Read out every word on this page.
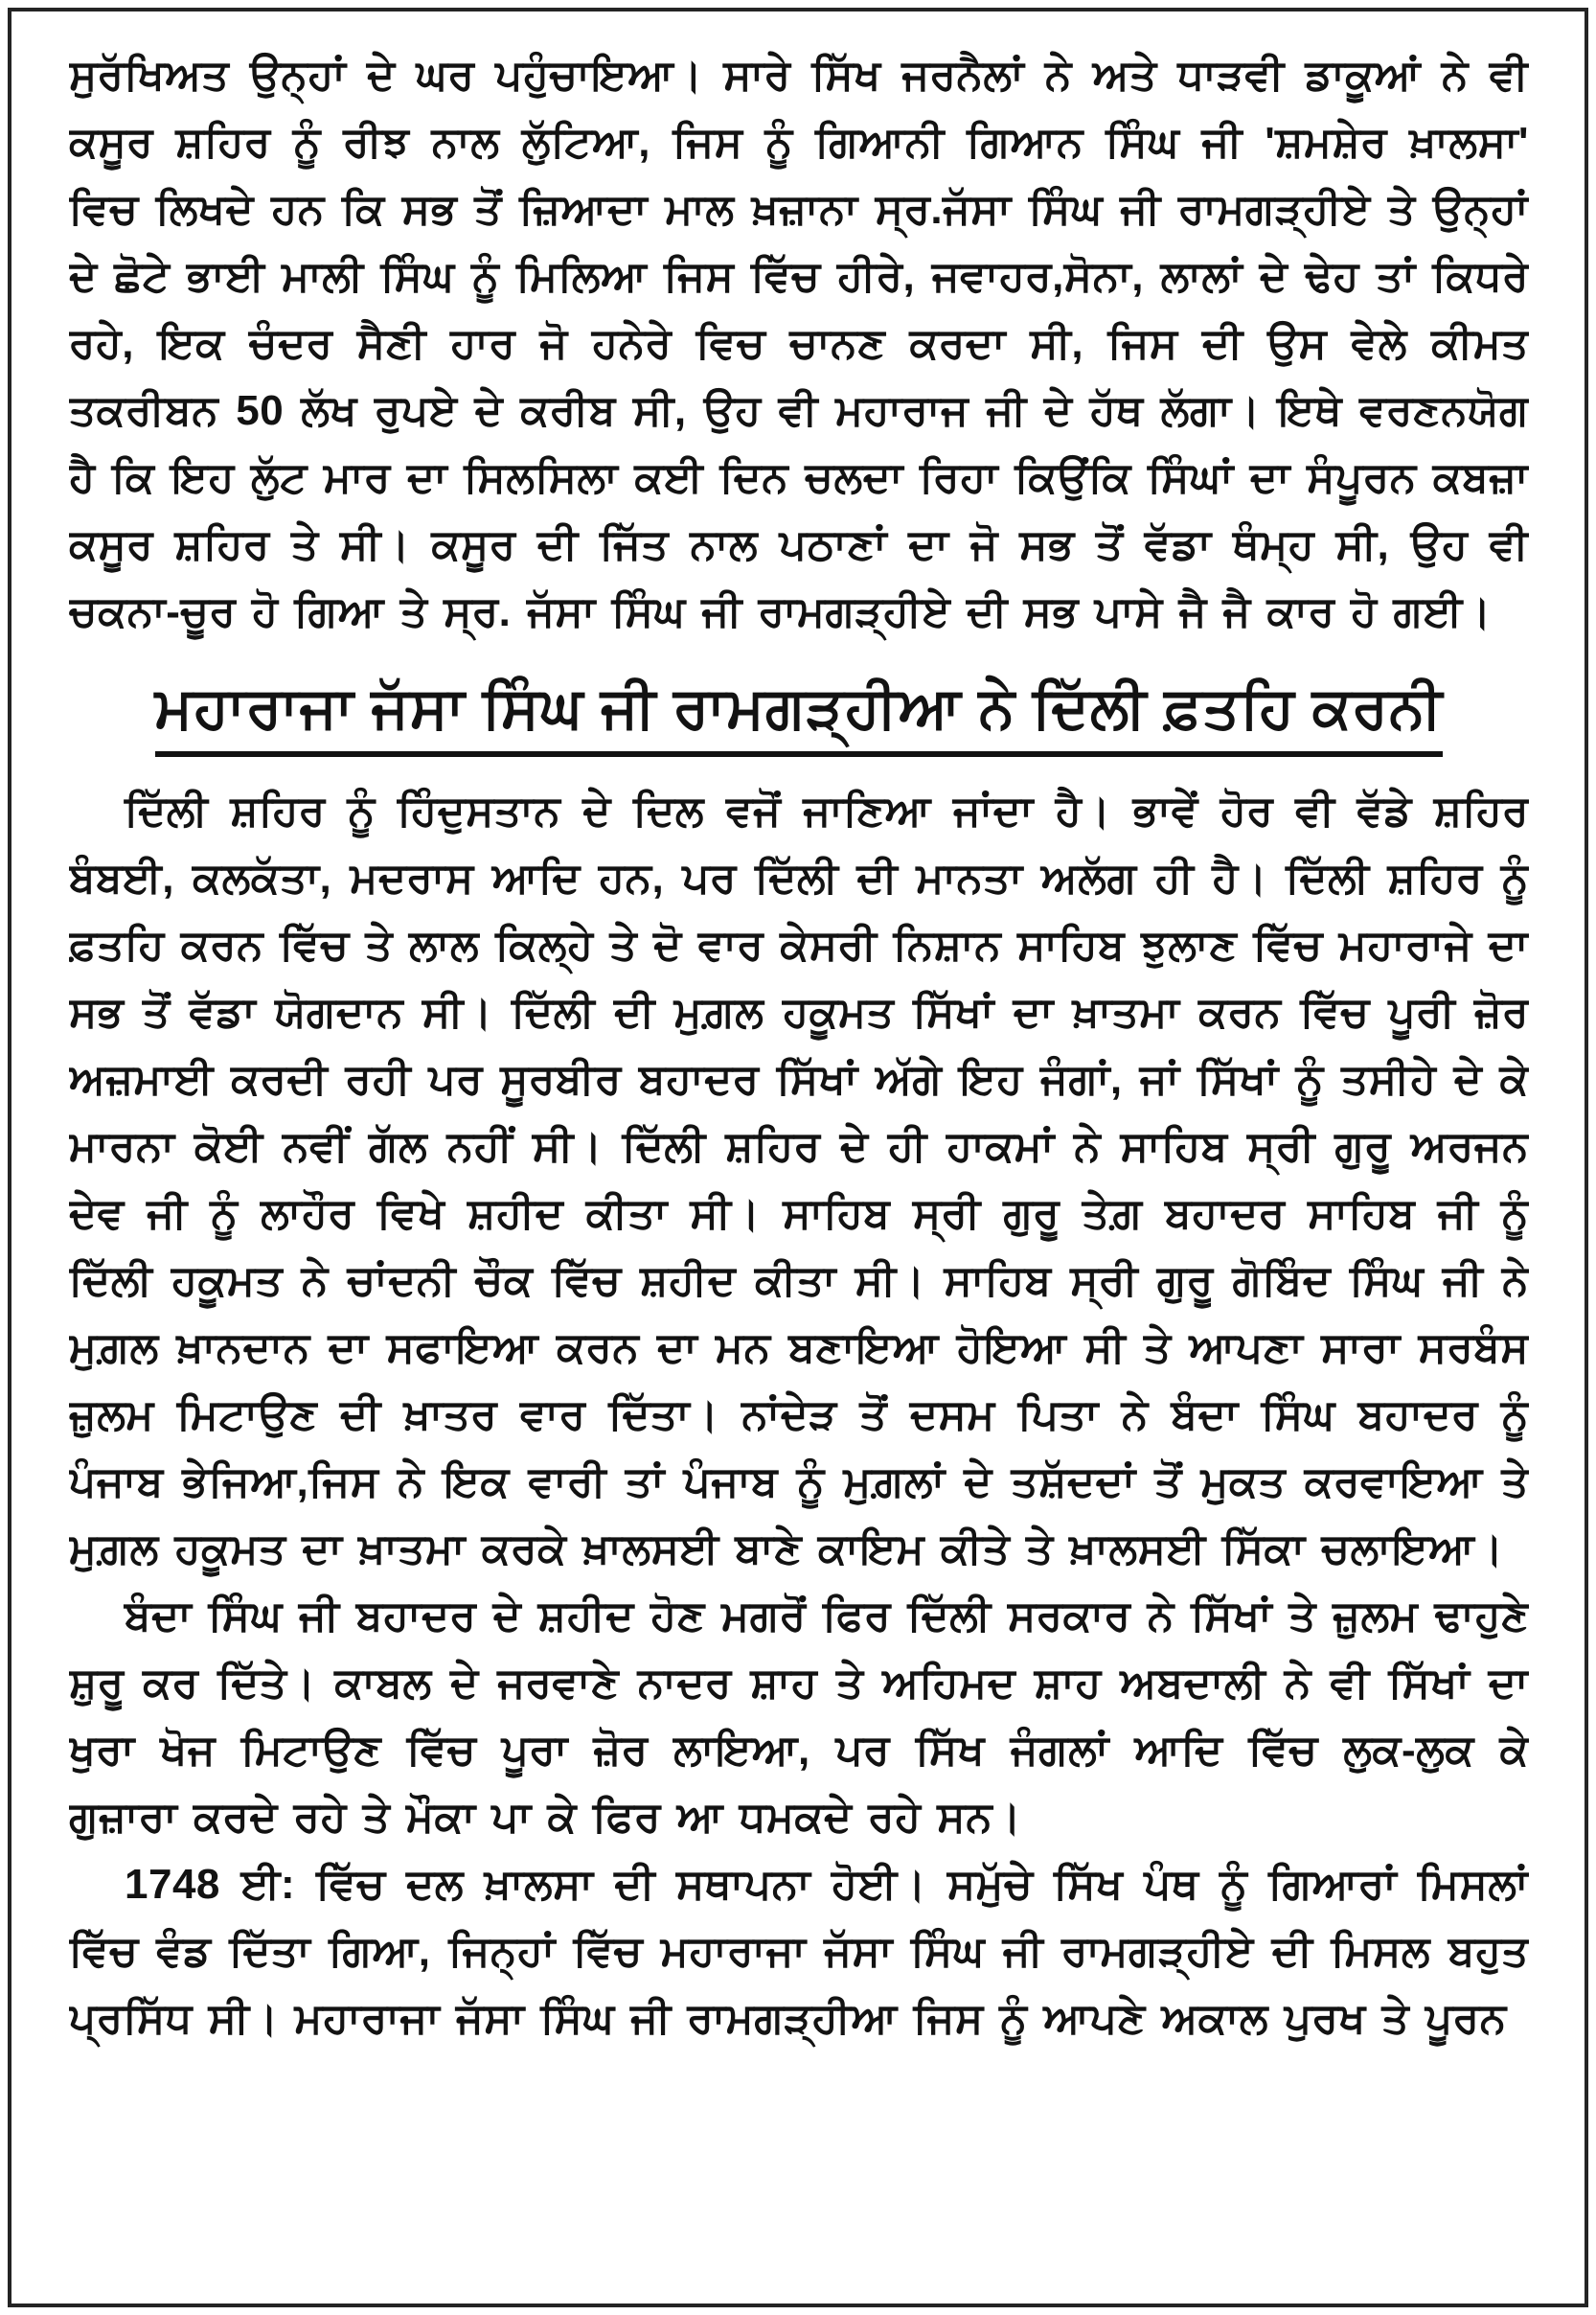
ਸੁਰੱਖਿਅਤ ਉਨ੍ਹਾਂ ਦੇ ਘਰ ਪਹੁੰਚਾਇਆ। ਸਾਰੇ ਸਿੱਖ ਜਰਨੈਲਾਂ ਨੇ ਅਤੇ ਧਾੜਵੀ ਡਾਕੂਆਂ ਨੇ ਵੀ ਕਸੂਰ ਸ਼ਹਿਰ ਨੂੰ ਰੀਝ ਨਾਲ ਲੁੱਟਿਆ, ਜਿਸ ਨੂੰ ਗਿਆਨੀ ਗਿਆਨ ਸਿੰਘ ਜੀ 'ਸ਼ਮਸ਼ੇਰ ਖ਼ਾਲਸਾ' ਵਿਚ ਲਿਖਦੇ ਹਨ ਕਿ ਸਭ ਤੋਂ ਜ਼ਿਆਦਾ ਮਾਲ ਖ਼ਜ਼ਾਨਾ ਸ੍ਰ.ਜੱਸਾ ਸਿੰਘ ਜੀ ਰਾਮਗੜ੍ਹੀਏ ਤੇ ਉਨ੍ਹਾਂ ਦੇ ਛੋਟੇ ਭਾਈ ਮਾਲੀ ਸਿੰਘ ਨੂੰ ਮਿਲਿਆ ਜਿਸ ਵਿੱਚ ਹੀਰੇ, ਜਵਾਹਰ,ਸੋਨਾ, ਲਾਲਾਂ ਦੇ ਢੇਹ ਤਾਂ ਕਿਧਰੇ ਰਹੇ, ਇਕ ਚੰਦਰ ਸੈਣੀ ਹਾਰ ਜੋ ਹਨੇਰੇ ਵਿਚ ਚਾਨਣ ਕਰਦਾ ਸੀ, ਜਿਸ ਦੀ ਉਸ ਵੇਲੇ ਕੀਮਤ ਤਕਰੀਬਨ 50 ਲੱਖ ਰੁਪਏ ਦੇ ਕਰੀਬ ਸੀ, ਉਹ ਵੀ ਮਹਾਰਾਜ ਜੀ ਦੇ ਹੱਥ ਲੱਗਾ। ਇਥੇ ਵਰਣਨਯੋਗ ਹੈ ਕਿ ਇਹ ਲੁੱਟ ਮਾਰ ਦਾ ਸਿਲਸਿਲਾ ਕਈ ਦਿਨ ਚਲਦਾ ਰਿਹਾ ਕਿਉਂਕਿ ਸਿੰਘਾਂ ਦਾ ਸੰਪੂਰਨ ਕਬਜ਼ਾ ਕਸੂਰ ਸ਼ਹਿਰ ਤੇ ਸੀ। ਕਸੂਰ ਦੀ ਜਿੱਤ ਨਾਲ ਪਠਾਣਾਂ ਦਾ ਜੋ ਸਭ ਤੋਂ ਵੱਡਾ ਥੰਮ੍ਹ ਸੀ, ਉਹ ਵੀ ਚਕਨਾ-ਚੂਰ ਹੋ ਗਿਆ ਤੇ ਸ੍ਰ. ਜੱਸਾ ਸਿੰਘ ਜੀ ਰਾਮਗੜ੍ਹੀਏ ਦੀ ਸਭ ਪਾਸੇ ਜੈ ਜੈ ਕਾਰ ਹੋ ਗਈ।

ਮਹਾਰਾਜਾ ਜੱਸਾ ਸਿੰਘ ਜੀ ਰਾਮਗੜ੍ਹੀਆ ਨੇ ਦਿੱਲੀ ਫ਼ਤਹਿ ਕਰਨੀ

ਦਿੱਲੀ ਸ਼ਹਿਰ ਨੂੰ ਹਿੰਦੁਸਤਾਨ ਦੇ ਦਿਲ ਵਜੋਂ ਜਾਣਿਆ ਜਾਂਦਾ ਹੈ। ਭਾਵੇਂ ਹੋਰ ਵੀ ਵੱਡੇ ਸ਼ਹਿਰ ਬੰਬਈ, ਕਲਕੱਤਾ, ਮਦਰਾਸ ਆਦਿ ਹਨ, ਪਰ ਦਿੱਲੀ ਦੀ ਮਾਨਤਾ ਅਲੱਗ ਹੀ ਹੈ। ਦਿੱਲੀ ਸ਼ਹਿਰ ਨੂੰ ਫ਼ਤਹਿ ਕਰਨ ਵਿੱਚ ਤੇ ਲਾਲ ਕਿਲ੍ਹੇ ਤੇ ਦੋ ਵਾਰ ਕੇਸਰੀ ਨਿਸ਼ਾਨ ਸਾਹਿਬ ਝੁਲਾਣ ਵਿੱਚ ਮਹਾਰਾਜੇ ਦਾ ਸਭ ਤੋਂ ਵੱਡਾ ਯੋਗਦਾਨ ਸੀ। ਦਿੱਲੀ ਦੀ ਮੁਗ਼ਲ ਹਕੂਮਤ ਸਿੱਖਾਂ ਦਾ ਖ਼ਾਤਮਾ ਕਰਨ ਵਿੱਚ ਪੂਰੀ ਜ਼ੋਰ ਅਜ਼ਮਾਈ ਕਰਦੀ ਰਹੀ ਪਰ ਸੂਰਬੀਰ ਬਹਾਦਰ ਸਿੱਖਾਂ ਅੱਗੇ ਇਹ ਜੰਗਾਂ, ਜਾਂ ਸਿੱਖਾਂ ਨੂੰ ਤਸੀਹੇ ਦੇ ਕੇ ਮਾਰਨਾ ਕੋਈ ਨਵੀਂ ਗੱਲ ਨਹੀਂ ਸੀ। ਦਿੱਲੀ ਸ਼ਹਿਰ ਦੇ ਹੀ ਹਾਕਮਾਂ ਨੇ ਸਾਹਿਬ ਸ੍ਰੀ ਗੁਰੂ ਅਰਜਨ ਦੇਵ ਜੀ ਨੂੰ ਲਾਹੌਰ ਵਿਖੇ ਸ਼ਹੀਦ ਕੀਤਾ ਸੀ। ਸਾਹਿਬ ਸ੍ਰੀ ਗੁਰੂ ਤੇਗ਼ ਬਹਾਦਰ ਸਾਹਿਬ ਜੀ ਨੂੰ ਦਿੱਲੀ ਹਕੂਮਤ ਨੇ ਚਾਂਦਨੀ ਚੌਕ ਵਿੱਚ ਸ਼ਹੀਦ ਕੀਤਾ ਸੀ। ਸਾਹਿਬ ਸ੍ਰੀ ਗੁਰੂ ਗੋਬਿੰਦ ਸਿੰਘ ਜੀ ਨੇ ਮੁਗ਼ਲ ਖ਼ਾਨਦਾਨ ਦਾ ਸਫਾਇਆ ਕਰਨ ਦਾ ਮਨ ਬਣਾਇਆ ਹੋਇਆ ਸੀ ਤੇ ਆਪਣਾ ਸਾਰਾ ਸਰਬੰਸ ਜ਼ੁਲਮ ਮਿਟਾਉਣ ਦੀ ਖ਼ਾਤਰ ਵਾਰ ਦਿੱਤਾ। ਨਾਂਦੇੜ ਤੋਂ ਦਸਮ ਪਿਤਾ ਨੇ ਬੰਦਾ ਸਿੰਘ ਬਹਾਦਰ ਨੂੰ ਪੰਜਾਬ ਭੇਜਿਆ,ਜਿਸ ਨੇ ਇਕ ਵਾਰੀ ਤਾਂ ਪੰਜਾਬ ਨੂੰ ਮੁਗ਼ਲਾਂ ਦੇ ਤਸ਼ੱਦਦਾਂ ਤੋਂ ਮੁਕਤ ਕਰਵਾਇਆ ਤੇ ਮੁਗ਼ਲ ਹਕੂਮਤ ਦਾ ਖ਼ਾਤਮਾ ਕਰਕੇ ਖ਼ਾਲਸਈ ਬਾਣੇ ਕਾਇਮ ਕੀਤੇ ਤੇ ਖ਼ਾਲਸਈ ਸਿੱਕਾ ਚਲਾਇਆ।

ਬੰਦਾ ਸਿੰਘ ਜੀ ਬਹਾਦਰ ਦੇ ਸ਼ਹੀਦ ਹੋਣ ਮਗਰੋਂ ਫਿਰ ਦਿੱਲੀ ਸਰਕਾਰ ਨੇ ਸਿੱਖਾਂ ਤੇ ਜ਼ੁਲਮ ਢਾਹੁਣੇ ਸ਼ੁਰੂ ਕਰ ਦਿੱਤੇ। ਕਾਬਲ ਦੇ ਜਰਵਾਣੇ ਨਾਦਰ ਸ਼ਾਹ ਤੇ ਅਹਿਮਦ ਸ਼ਾਹ ਅਬਦਾਲੀ ਨੇ ਵੀ ਸਿੱਖਾਂ ਦਾ ਖੁਰਾ ਖੋਜ ਮਿਟਾਉਣ ਵਿੱਚ ਪੂਰਾ ਜ਼ੋਰ ਲਾਇਆ, ਪਰ ਸਿੱਖ ਜੰਗਲਾਂ ਆਦਿ ਵਿੱਚ ਲੁਕ-ਲੁਕ ਕੇ ਗੁਜ਼ਾਰਾ ਕਰਦੇ ਰਹੇ ਤੇ ਮੌਕਾ ਪਾ ਕੇ ਫਿਰ ਆ ਧਮਕਦੇ ਰਹੇ ਸਨ।

1748 ਈ: ਵਿੱਚ ਦਲ ਖ਼ਾਲਸਾ ਦੀ ਸਥਾਪਨਾ ਹੋਈ। ਸਮੁੱਚੇ ਸਿੱਖ ਪੰਥ ਨੂੰ ਗਿਆਰਾਂ ਮਿਸਲਾਂ ਵਿੱਚ ਵੰਡ ਦਿੱਤਾ ਗਿਆ, ਜਿਨ੍ਹਾਂ ਵਿੱਚ ਮਹਾਰਾਜਾ ਜੱਸਾ ਸਿੰਘ ਜੀ ਰਾਮਗੜ੍ਹੀਏ ਦੀ ਮਿਸਲ ਬਹੁਤ ਪ੍ਰਸਿੱਧ ਸੀ। ਮਹਾਰਾਜਾ ਜੱਸਾ ਸਿੰਘ ਜੀ ਰਾਮਗੜ੍ਹੀਆ ਜਿਸ ਨੂੰ ਆਪਣੇ ਅਕਾਲ ਪੁਰਖ ਤੇ ਪੂਰਨ
